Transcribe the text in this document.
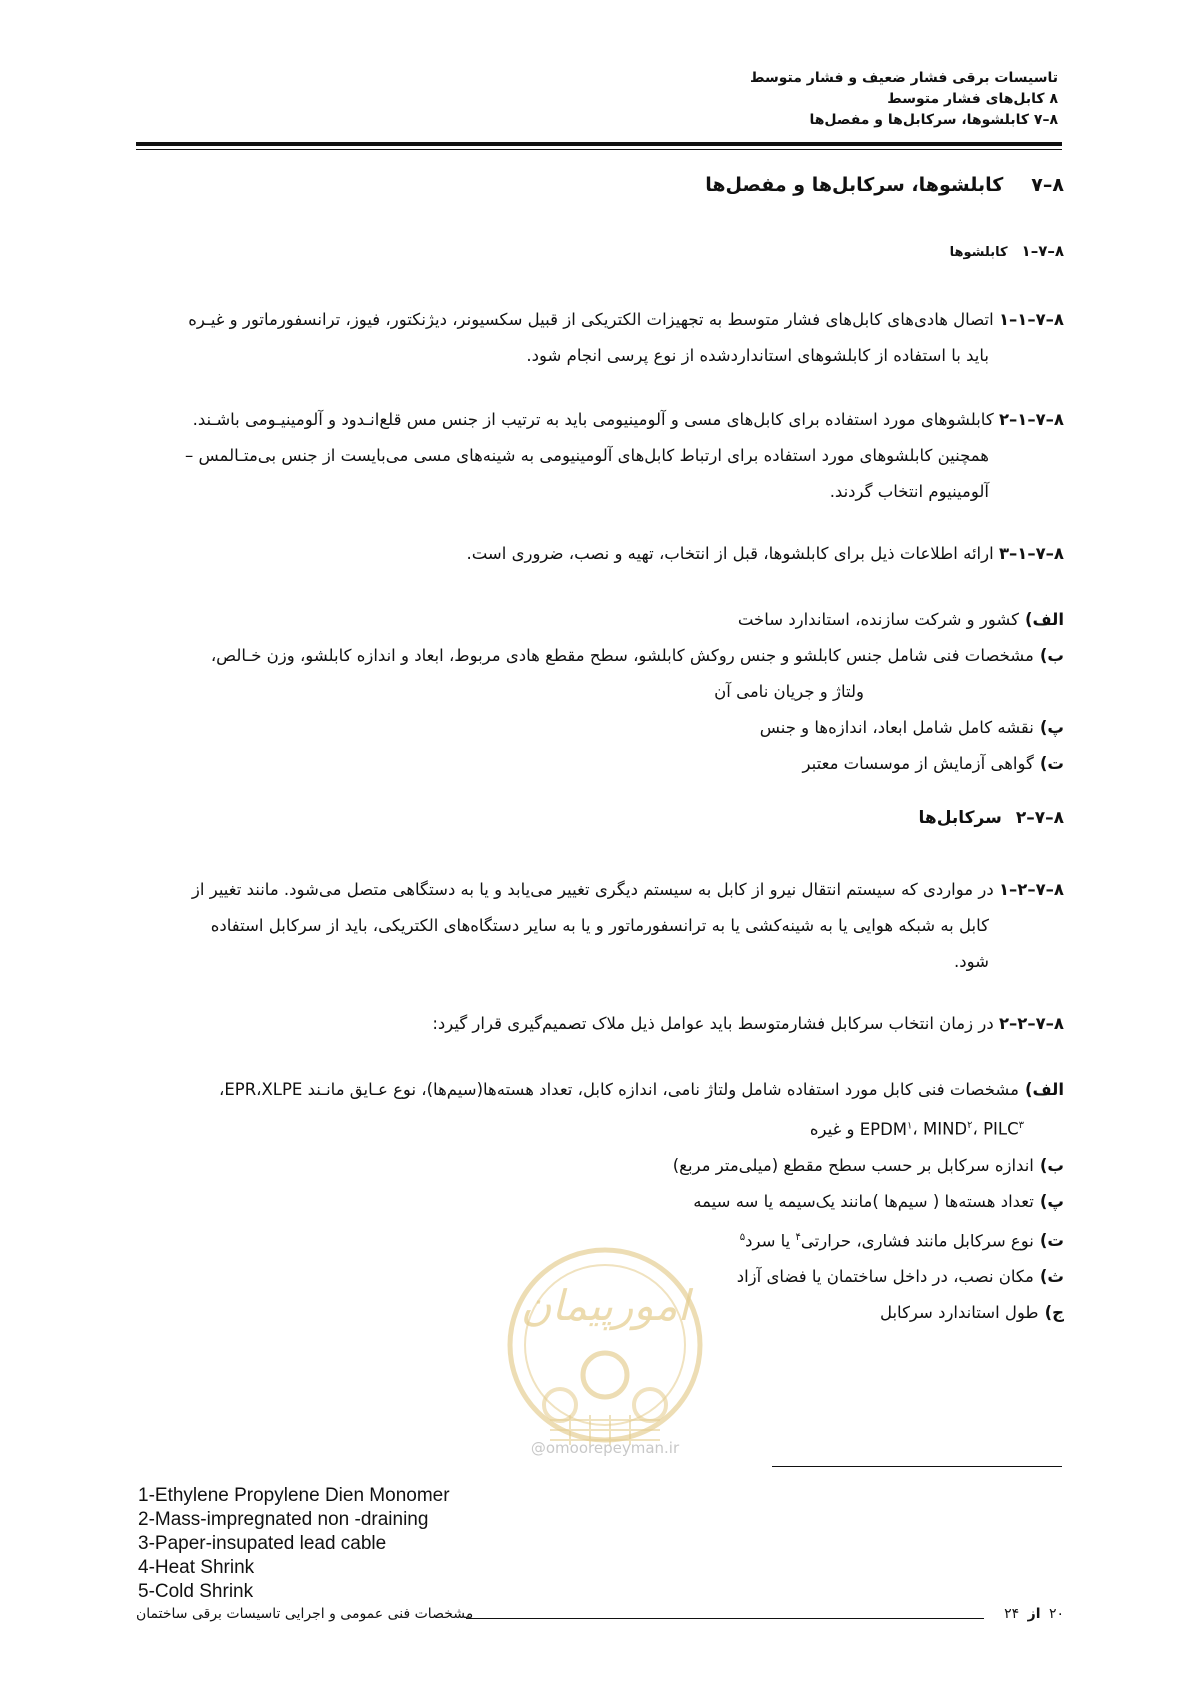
تاسیسات برقی فشار ضعیف و فشار متوسط
۸ کابل‌های فشار متوسط
۸–۷ کابلشوها، سرکابل‌ها و مفصل‌ها
۸–۷کابلشوها، سرکابل‌ها و مفصل‌ها
۸–۷–۱کابلشوها
۸–۷–۱–۱ اتصال هادی‌های کابل‌های فشار متوسط به تجهیزات الکتریکی از قبیل سکسیونر، دیژنکتور، فیوز، ترانسفورماتور و غیـره
باید با استفاده از کابلشوهای استانداردشده از نوع پرسی انجام شود.
۸–۷–۱–۲ کابلشوهای مورد استفاده برای کابل‌های مسی و آلومینیومی باید به ترتیب از جنس مس قلع‌انـدود و آلومینیـومی باشـند.
همچنین کابلشوهای مورد استفاده برای ارتباط کابل‌های آلومینیومی به شینه‌های مسی می‌بایست از جنس بی‌متـالمس –
آلومینیوم انتخاب گردند.
۸–۷–۱–۳ ارائه اطلاعات ذیل برای کابلشوها، قبل از انتخاب، تهیه و نصب، ضروری است.
الف)کشور و شرکت سازنده، استاندارد ساخت
ب)مشخصات فنی شامل جنس کابلشو و جنس روکش کابلشو، سطح مقطع هادی مربوط، ابعاد و اندازه کابلشو، وزن خـالص،
ولتاژ و جریان نامی آن
پ)نقشه کامل شامل ابعاد، اندازه‌ها و جنس
ت)گواهی آزمایش از موسسات معتبر
۸–۷–۲سرکابل‌ها
۸–۷–۲–۱ در مواردی که سیستم انتقال نیرو از کابل به سیستم دیگری تغییر می‌یابد و یا به دستگاهی متصل می‌شود. مانند تغییر از
کابل به شبکه هوایی یا به شینه‌کشی یا به ترانسفورماتور و یا به سایر دستگاه‌های الکتریکی، باید از سرکابل استفاده
شود.
۸–۷–۲–۲ در زمان انتخاب سرکابل فشارمتوسط باید عوامل ذیل ملاک تصمیم‌گیری قرار گیرد:
الف)مشخصات فنی کابل مورد استفاده شامل ولتاژ نامی، اندازه کابل، تعداد هسته‌ها(سیم‌ها)، نوع عـایق مانـند EPR،XLPE،
EPDM$^۱$، MIND$^۲$، PILC$^۳$ و غیره
ب)اندازه سرکابل بر حسب سطح مقطع (میلی‌متر مربع)
پ)تعداد هسته‌ها ( سیم‌ها )مانند یک‌سیمه یا سه سیمه
ت)نوع سرکابل مانند فشاری، حرارتی$^۴$ یا سرد$^۵$
ث)مکان نصب، در داخل ساختمان یا فضای آزاد
ج)طول استاندارد سرکابل
امورپیمان
@omoorepeyman.ir
1-Ethylene Propylene Dien Monomer
2-Mass-impregnated non -draining
3-Paper-insupated lead cable
4-Heat Shrink
5-Cold Shrink
۲۰ از ۲۴
مشخصات فنی عمومی و اجرایی تاسیسات برقی ساختمان
